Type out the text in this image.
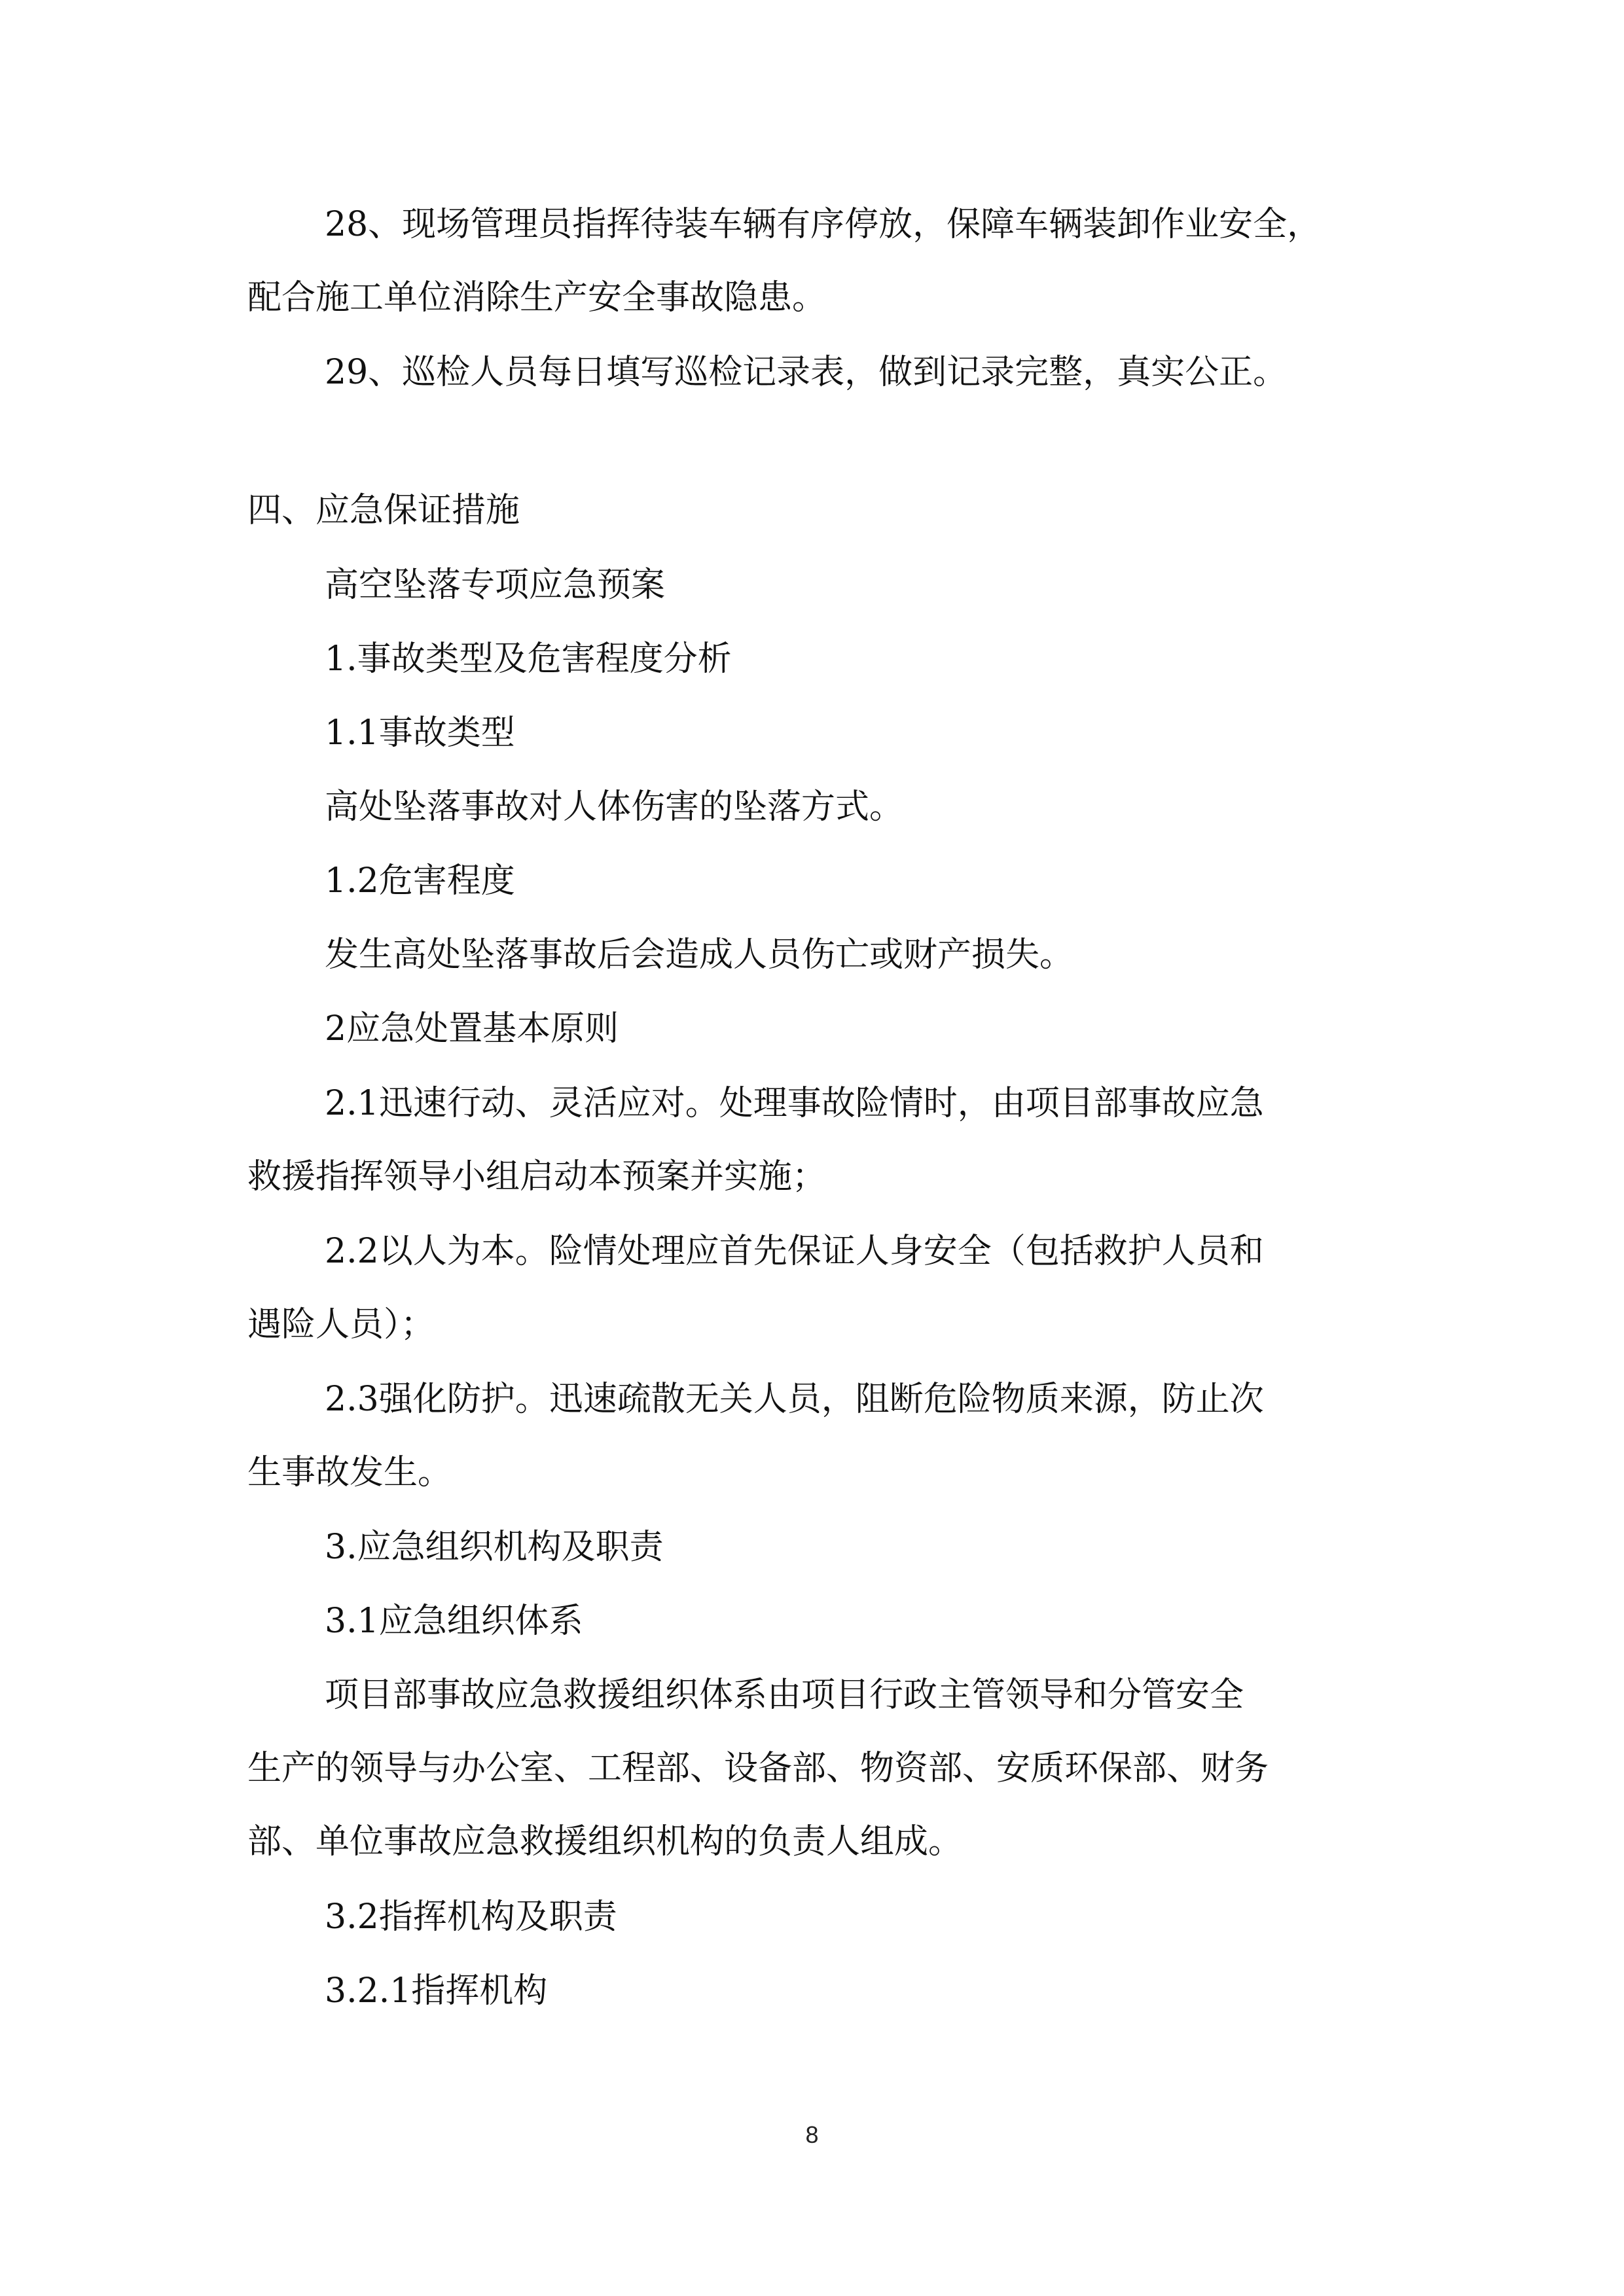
28、现场管理员指挥待装车辆有序停放，保障车辆装卸作业安全，
配合施工单位消除生产安全事故隐患。
29、巡检人员每日填写巡检记录表，做到记录完整，真实公正。
四、应急保证措施
高空坠落专项应急预案
1.事故类型及危害程度分析
1.1事故类型
高处坠落事故对人体伤害的坠落方式。
1.2危害程度
发生高处坠落事故后会造成人员伤亡或财产损失。
2应急处置基本原则
2.1迅速行动、灵活应对。处理事故险情时，由项目部事故应急
救援指挥领导小组启动本预案并实施；
2.2以人为本。险情处理应首先保证人身安全（包括救护人员和
遇险人员）；
2.3强化防护。迅速疏散无关人员，阻断危险物质来源，防止次
生事故发生。
3.应急组织机构及职责
3.1应急组织体系
项目部事故应急救援组织体系由项目行政主管领导和分管安全
生产的领导与办公室、工程部、设备部、物资部、安质环保部、财务
部、单位事故应急救援组织机构的负责人组成。
3.2指挥机构及职责
3.2.1指挥机构
8
